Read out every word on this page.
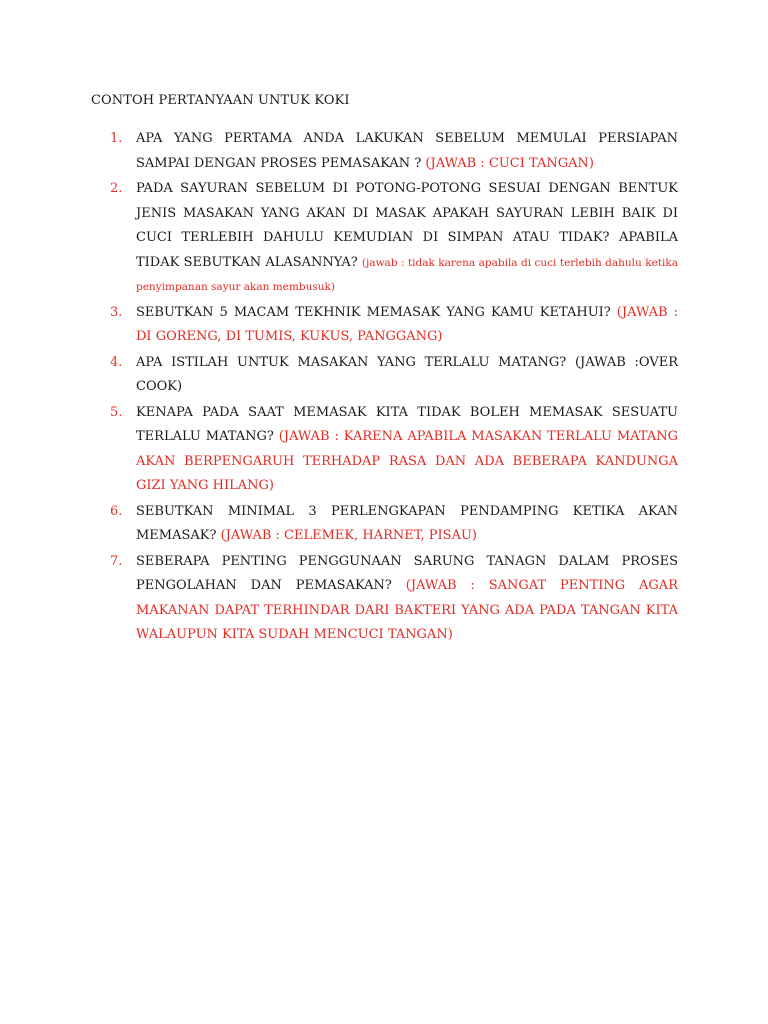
CONTOH PERTANYAAN UNTUK KOKI
1. APA YANG PERTAMA ANDA LAKUKAN SEBELUM MEMULAI PERSIAPAN SAMPAI DENGAN PROSES PEMASAKAN ? (JAWAB : CUCI TANGAN)
2. PADA SAYURAN SEBELUM DI POTONG-POTONG SESUAI DENGAN BENTUK JENIS MASAKAN YANG AKAN DI MASAK APAKAH SAYURAN LEBIH BAIK DI CUCI TERLEBIH DAHULU KEMUDIAN DI SIMPAN ATAU TIDAK? APABILA TIDAK SEBUTKAN ALASANNYA? (jawab : tidak karena apabila di cuci terlebih dahulu ketika penyimpanan sayur akan membusuk)
3. SEBUTKAN 5 MACAM TEKHNIK MEMASAK YANG KAMU KETAHUI? (JAWAB : DI GORENG, DI TUMIS, KUKUS, PANGGANG)
4. APA ISTILAH UNTUK MASAKAN YANG TERLALU MATANG? (JAWAB :OVER COOK)
5. KENAPA PADA SAAT MEMASAK KITA TIDAK BOLEH MEMASAK SESUATU TERLALU MATANG? (JAWAB : KARENA APABILA MASAKAN TERLALU MATANG AKAN BERPENGARUH TERHADAP RASA DAN ADA BEBERAPA KANDUNGA GIZI YANG HILANG)
6. SEBUTKAN MINIMAL 3 PERLENGKAPAN PENDAMPING KETIKA AKAN MEMASAK? (JAWAB : CELEMEK, HARNET, PISAU)
7. SEBERAPA PENTING PENGGUNAAN SARUNG TANAGN DALAM PROSES PENGOLAHAN DAN PEMASAKAN? (JAWAB : SANGAT PENTING AGAR MAKANAN DAPAT TERHINDAR DARI BAKTERI YANG ADA PADA TANGAN KITA WALAUPUN KITA SUDAH MENCUCI TANGAN)
